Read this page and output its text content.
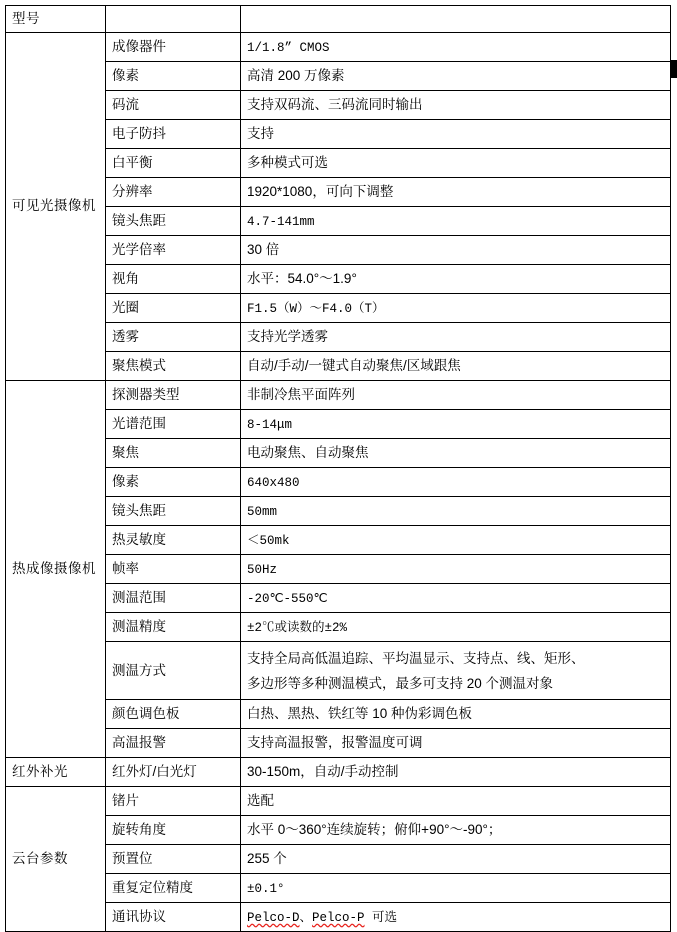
型号		

可见光摄像机	成像器件	1/1.8” CMOS
	像素	高清 200 万像素
	码流	支持双码流、三码流同时输出
	电子防抖	支持
	白平衡	多种模式可选
	分辨率	1920*1080，可向下调整
	镜头焦距	4.7-141mm
	光学倍率	30 倍
	视角	水平：54.0°～1.9°
	光圈	F1.5（W）～F4.0（T）
	透雾	支持光学透雾
	聚焦模式	自动/手动/一键式自动聚焦/区域跟焦

热成像摄像机	探测器类型	非制冷焦平面阵列
	光谱范围	8-14μm
	聚焦	电动聚焦、自动聚焦
	像素	640x480
	镜头焦距	50mm
	热灵敏度	＜50mk
	帧率	50Hz
	测温范围	-20℃-550℃
	测温精度	±2℃或读数的±2%
	测温方式	支持全局高低温追踪、平均温显示、支持点、线、矩形、
多边形等多种测温模式，最多可支持 20 个测温对象

	颜色调色板	白热、黑热、铁红等 10 种伪彩调色板
	高温报警	支持高温报警，报警温度可调

红外补光	红外灯/白光灯	30-150m，自动/手动控制

云台参数	锗片	选配
	旋转角度	水平 0～360°连续旋转；俯仰+90°～-90°；
	预置位	255 个
	重复定位精度	±0.1°
	通讯协议	Pelco-D、Pelco-P 可选
